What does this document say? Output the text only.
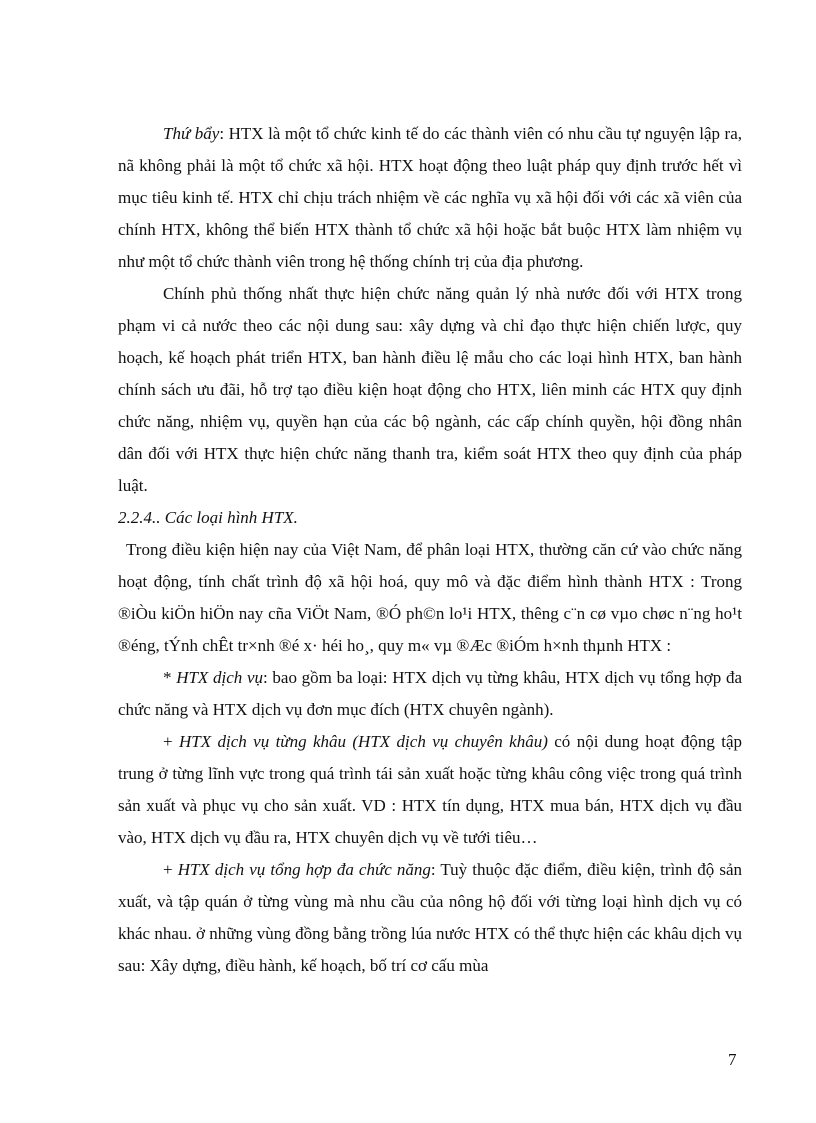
Thứ bẩy: HTX là một tổ chức kinh tế do các thành viên có nhu cầu tự nguyện lập ra, nã không phải là một tổ chức xã hội. HTX hoạt động theo luật pháp quy định trước hết vì mục tiêu kinh tế. HTX chỉ chịu trách nhiệm về các nghĩa vụ xã hội đối với các xã viên của chính HTX, không thể biến HTX thành tổ chức xã hội hoặc bắt buộc HTX làm nhiệm vụ như một tổ chức thành viên trong hệ thống chính trị của địa phương.

Chính phủ thống nhất thực hiện chức năng quản lý nhà nước đối với HTX trong phạm vi cả nước theo các nội dung sau: xây dựng và chỉ đạo thực hiện chiến lược, quy hoạch, kế hoạch phát triển HTX, ban hành điều lệ mẫu cho các loại hình HTX, ban hành chính sách ưu đãi, hỗ trợ tạo điều kiện hoạt động cho HTX, liên minh các HTX quy định chức năng, nhiệm vụ, quyền hạn của các bộ ngành, các cấp chính quyền, hội đồng nhân dân đối với HTX thực hiện chức năng thanh tra, kiểm soát HTX theo quy định của pháp luật.

2.2.4.. Các loại hình HTX.

Trong điều kiện hiện nay của Việt Nam, để phân loại HTX, thường căn cứ vào chức năng hoạt động, tính chất trình độ xã hội hoá, quy mô và đặc điểm hình thành HTX : Trong ®iÒu kiÖn hiÖn nay cña ViÖt Nam, ®Ó ph©n lo¹i HTX, thêng c¨n cø vµo chøc n¨ng ho¹t ®éng, tÝnh chÊt tr×nh ®é x· héi ho¸, quy m« vµ ®Æc ®iÓm h×nh thµnh HTX :

* HTX dịch vụ: bao gồm ba loại: HTX dịch vụ từng khâu, HTX dịch vụ tổng hợp đa chức năng và HTX dịch vụ đơn mục đích (HTX chuyên ngành).

+ HTX dịch vụ từng khâu (HTX dịch vụ chuyên khâu) có nội dung hoạt động tập trung ở từng lĩnh vực trong quá trình tái sản xuất hoặc từng khâu công việc trong quá trình sản xuất và phục vụ cho sản xuất. VD : HTX tín dụng, HTX mua bán, HTX dịch vụ đầu vào, HTX dịch vụ đầu ra, HTX chuyên dịch vụ về tưới tiêu…

+ HTX dịch vụ tổng hợp đa chức năng: Tuỳ thuộc đặc điểm, điều kiện, trình độ sản xuất, và tập quán ở từng vùng mà nhu cầu của nông hộ đối với từng loại hình dịch vụ có khác nhau. ở những vùng đồng bằng trồng lúa nước HTX có thể thực hiện các khâu dịch vụ sau: Xây dựng, điều hành, kế hoạch, bố trí cơ cấu mùa

7
